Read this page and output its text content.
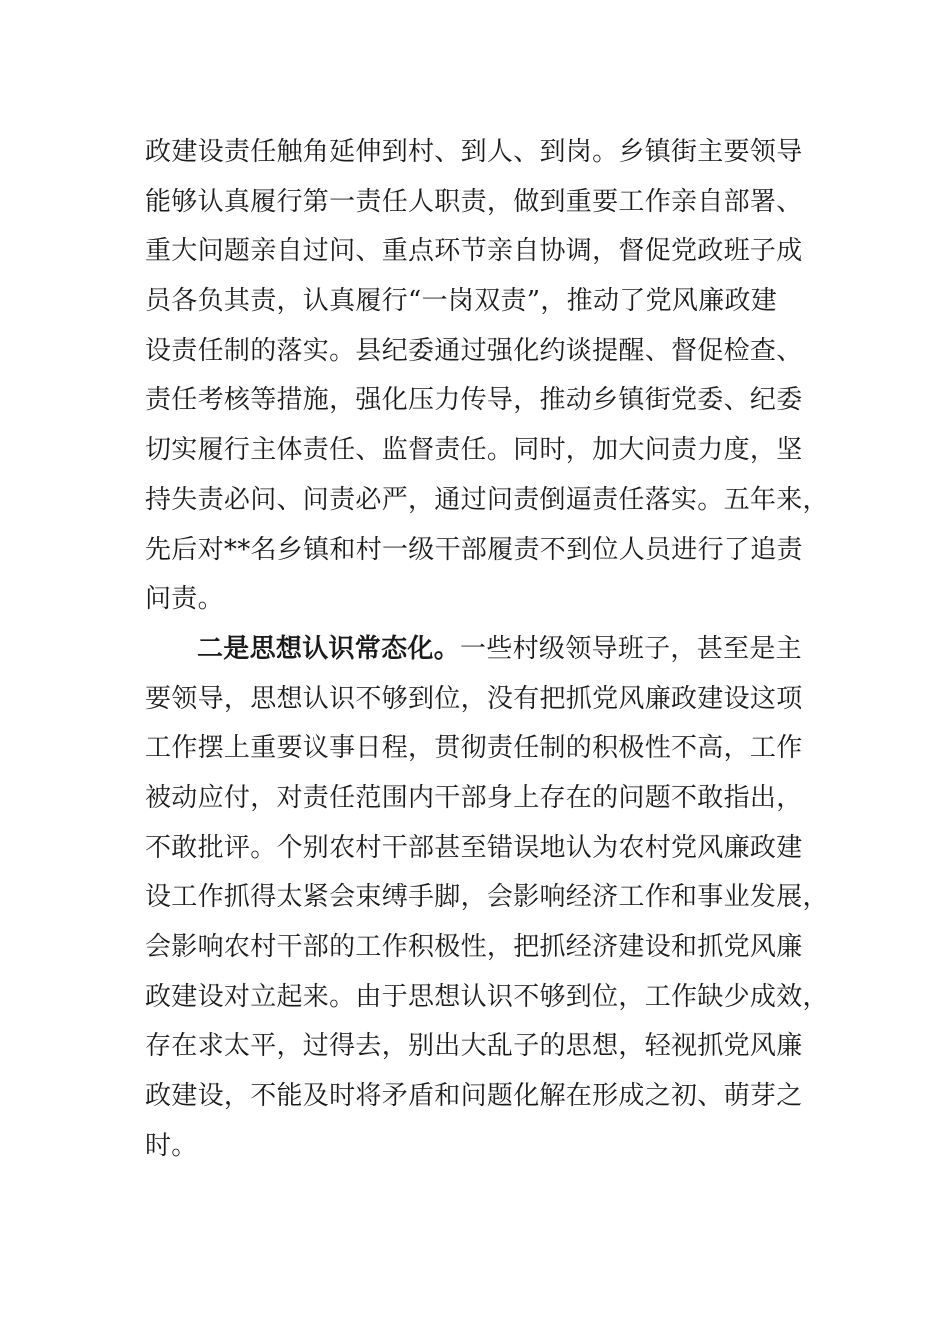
政建设责任触角延伸到村、到人、到岗。乡镇街主要领导
能够认真履行第一责任人职责，做到重要工作亲自部署、
重大问题亲自过问、重点环节亲自协调，督促党政班子成
员各负其责，认真履行“一岗双责”，推动了党风廉政建
设责任制的落实。县纪委通过强化约谈提醒、督促检查、
责任考核等措施，强化压力传导，推动乡镇街党委、纪委
切实履行主体责任、监督责任。同时，加大问责力度，坚
持失责必问、问责必严，通过问责倒逼责任落实。五年来，
先后对**名乡镇和村一级干部履责不到位人员进行了追责
问责。
二是思想认识常态化。一些村级领导班子，甚至是主
要领导，思想认识不够到位，没有把抓党风廉政建设这项
工作摆上重要议事日程，贯彻责任制的积极性不高，工作
被动应付，对责任范围内干部身上存在的问题不敢指出，
不敢批评。个别农村干部甚至错误地认为农村党风廉政建
设工作抓得太紧会束缚手脚，会影响经济工作和事业发展，
会影响农村干部的工作积极性，把抓经济建设和抓党风廉
政建设对立起来。由于思想认识不够到位，工作缺少成效，
存在求太平，过得去，别出大乱子的思想，轻视抓党风廉
政建设，不能及时将矛盾和问题化解在形成之初、萌芽之
时。
